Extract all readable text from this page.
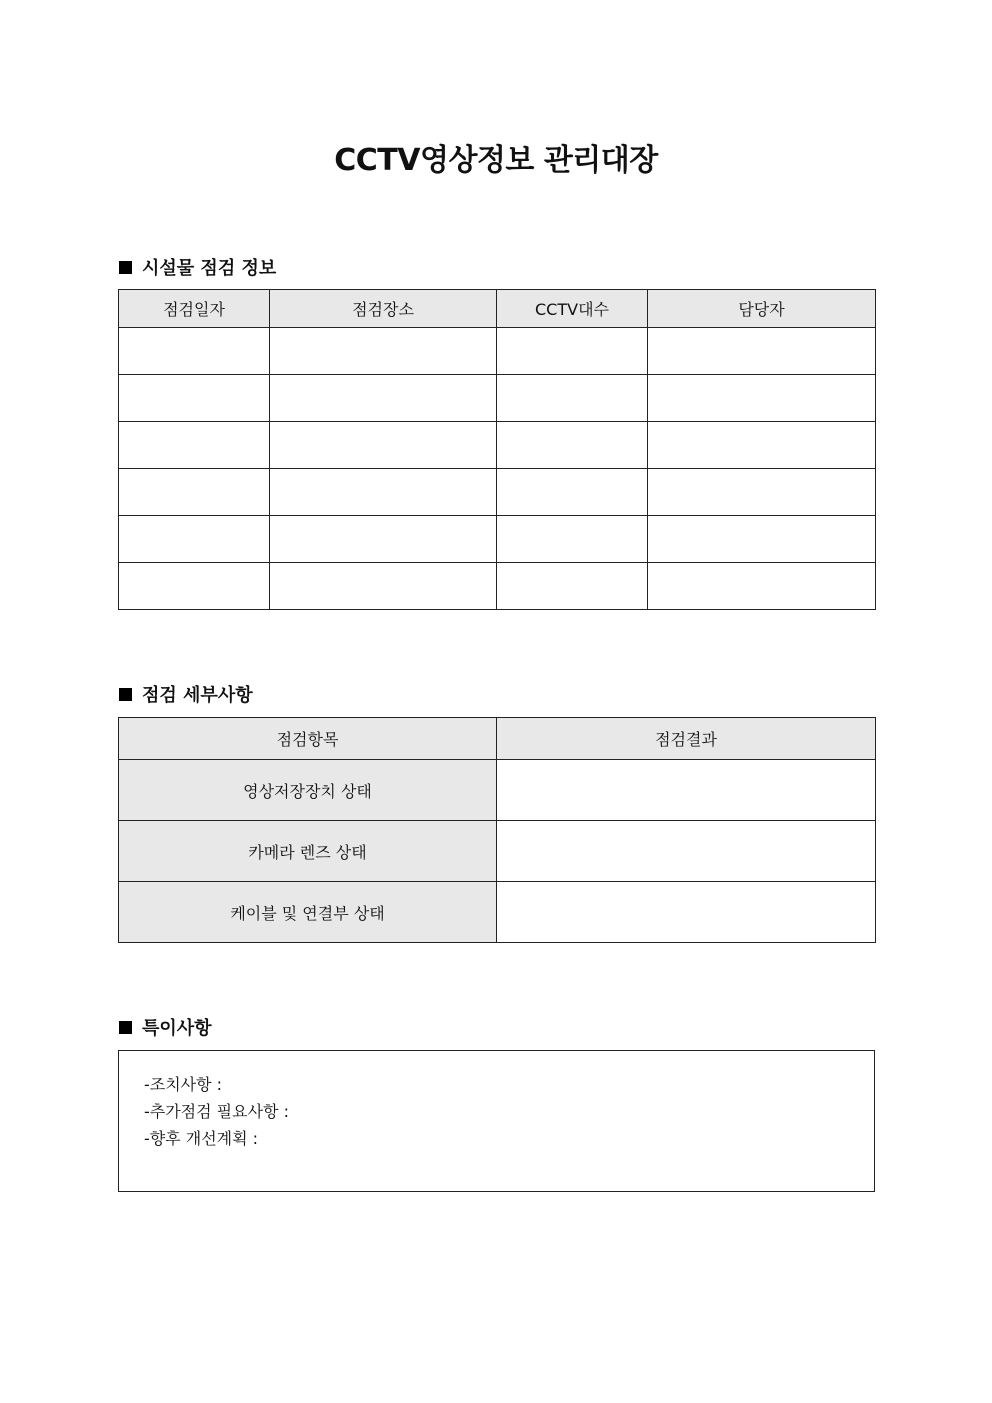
CCTV영상정보 관리대장
시설물 점검 정보
점검일자	점검장소	CCTV대수	담당자

점검 세부사항
점검항목	점검결과
영상저장장치 상태	
카메라 렌즈 상태	
케이블 및 연결부 상태	
특이사항
-조치사항 :
-추가점검 필요사항 :
-향후 개선계획 :
